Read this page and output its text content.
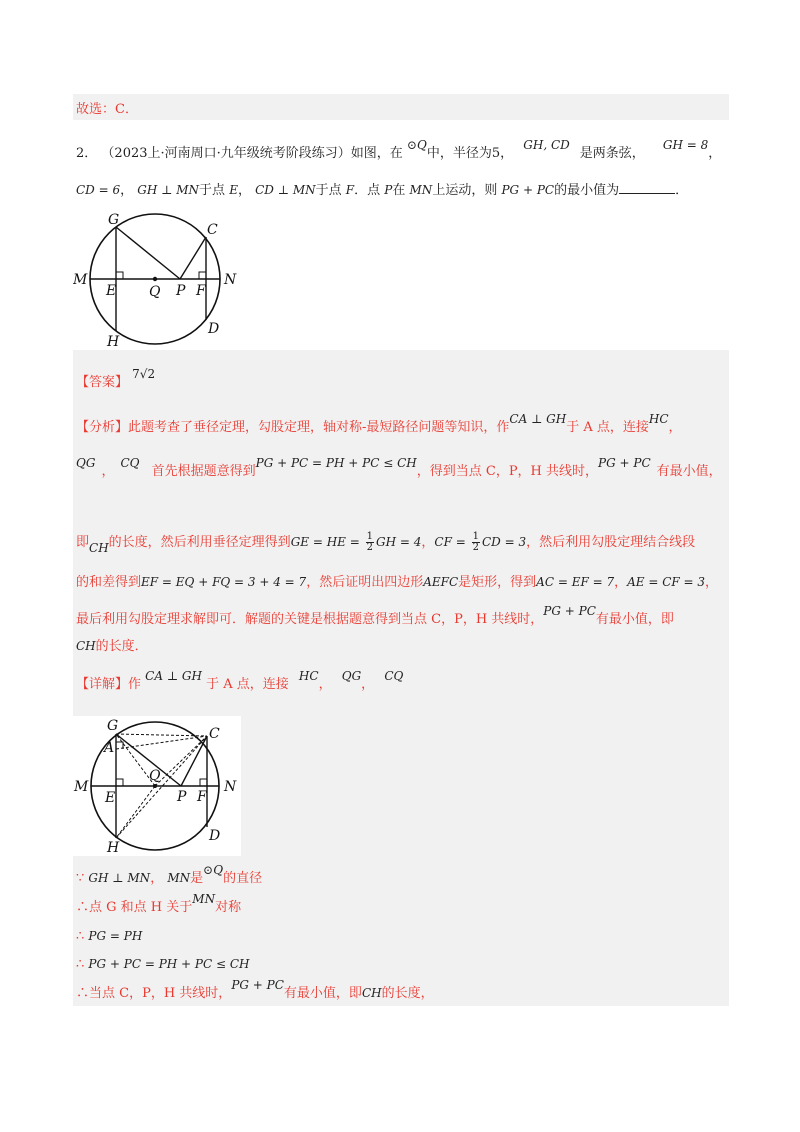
故选：C．
2． （2023上·河南周口·九年级统考阶段练习）如图，在 ⊙Q中，半径为5， GH, CD是两条弦， GH = 8，
CD = 6， GH ⊥ MN于点 E， CD ⊥ MN于点 F．点 P在 MN上运动，则 PG + PC的最小值为	．
G
C
M
E Q P F
N
D
H
【答案】 7√2
【分析】此题考查了垂径定理，勾股定理，轴对称-最短路径问题等知识，作CA ⊥ GH于 A 点，连接HC，
QG，CQ 首先根据题意得到PG + PC = PH + PC ≤ CH，得到当点 C，P，H 共线时，PG + PC有最小值，
即CH的长度，然后利用垂径定理得到GE = HE = $\frac{1}{2}$ GH = 4，CF = $\frac{1}{2}$ CD = 3，然后利用勾股定理结合线段
的和差得到EF = EQ + FQ = 3 + 4 = 7，然后证明出四边形AEFC是矩形，得到AC = EF = 7，AE = CF = 3，
最后利用勾股定理求解即可．解题的关键是根据题意得到当点 C，P，H 共线时，PG + PC有最小值，即
CH的长度．
【详解】作 CA ⊥ GH 于 A 点，连接 HC， QG， CQ
G
A
C
Q
M
E	P F
N
D
H
∵ GH ⊥ MN， MN是⊙Q的直径
∴点 G 和点 H 关于MN对称
∴ PG = PH
∴ PG + PC = PH + PC ≤ CH
∴当点 C，P，H 共线时，PG + PC有最小值，即CH的长度，
